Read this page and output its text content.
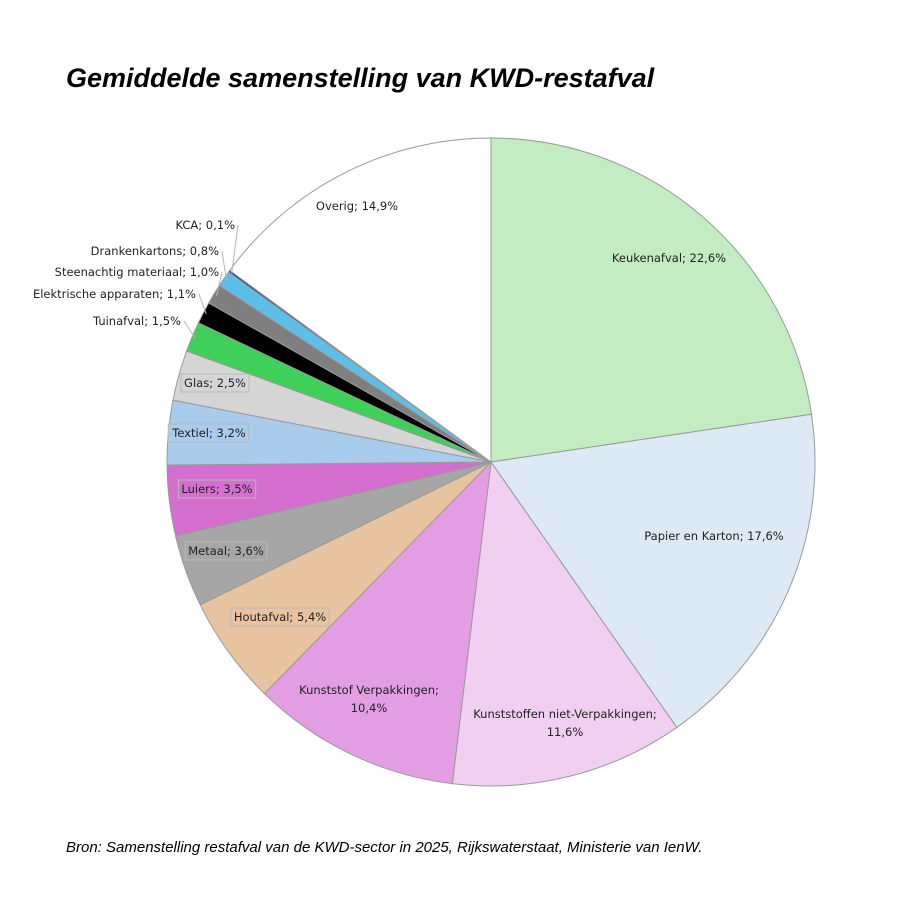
Gemiddelde samenstelling van KWD-restafval
Keukenafval; 22,6%
Papier en Karton; 17,6%
Kunststoffen niet-Verpakkingen; 11,6%
Kunststof Verpakkingen; 10,4%
Houtafval; 5,4%
Metaal; 3,6%
Luiers; 3,5%
Textiel; 3,2%
Glas; 2,5%
Tuinafval; 1,5%
Elektrische apparaten; 1,1%
Steenachtig materiaal; 1,0%
Drankenkartons; 0,8%
KCA; 0,1%
Overig; 14,9%

Bron: Samenstelling restafval van de KWD-sector in 2025, Rijkswaterstaat, Ministerie van IenW.
